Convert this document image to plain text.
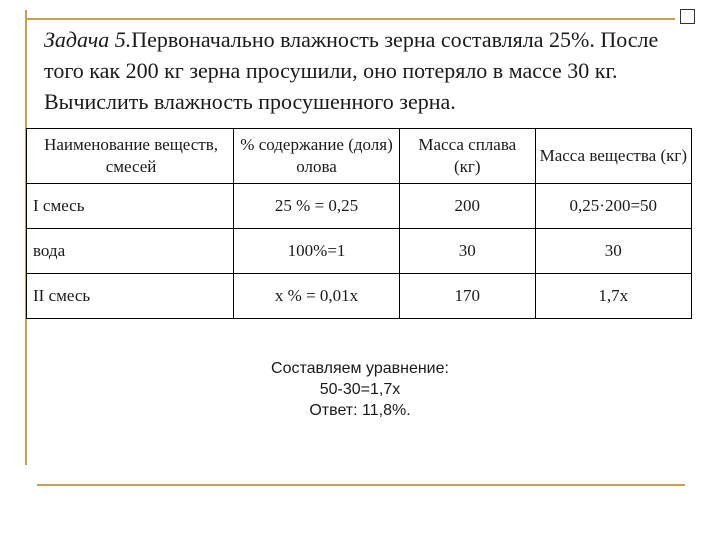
Задача 5.Первоначально влажность зерна составляла 25%. После того как 200 кг зерна просушили, оно потеряло в массе 30 кг. Вычислить влажность просушенного зерна.
Наименование веществ, смесей	% содержание (доля) олова	Масса сплава (кг)	Масса вещества (кг)
I смесь	25 % = 0,25	200	0,25·200=50
вода	100%=1	30	30
II смесь	х % = 0,01х	170	1,7х
Составляем уравнение:
50-30=1,7х
Ответ: 11,8%.
